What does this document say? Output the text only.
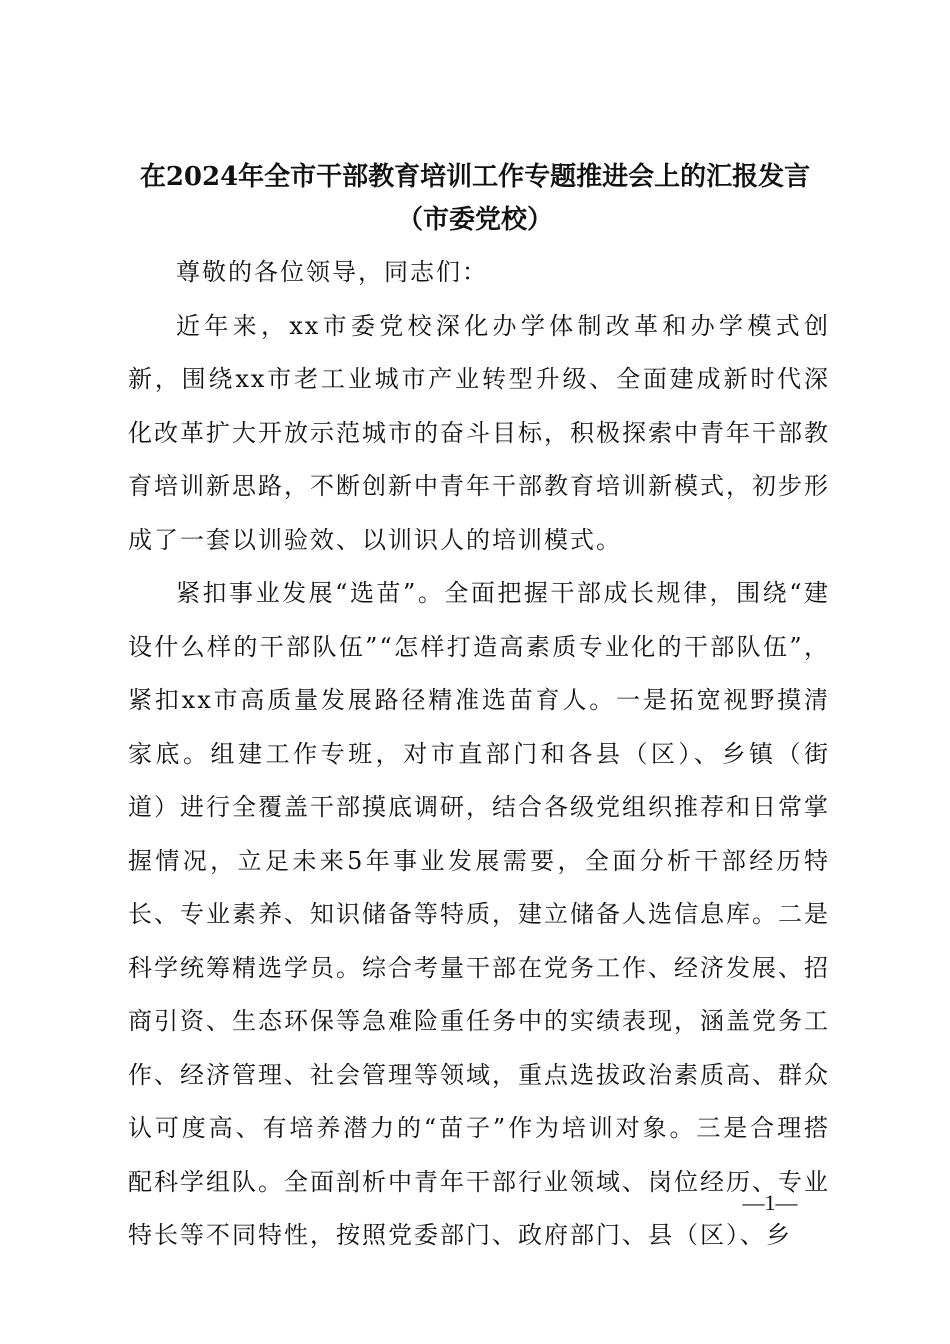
在2024年全市干部教育培训工作专题推进会上的汇报发言（市委党校）

尊敬的各位领导，同志们：

近年来，xx市委党校深化办学体制改革和办学模式创新，围绕xx市老工业城市产业转型升级、全面建成新时代深化改革扩大开放示范城市的奋斗目标，积极探索中青年干部教育培训新思路，不断创新中青年干部教育培训新模式，初步形成了一套以训验效、以训识人的培训模式。

紧扣事业发展“选苗”。全面把握干部成长规律，围绕“建设什么样的干部队伍”“怎样打造高素质专业化的干部队伍”，紧扣xx市高质量发展路径精准选苗育人。一是拓宽视野摸清家底。组建工作专班，对市直部门和各县（区）、乡镇（街道）进行全覆盖干部摸底调研，结合各级党组织推荐和日常掌握情况，立足未来5年事业发展需要，全面分析干部经历特长、专业素养、知识储备等特质，建立储备人选信息库。二是科学统筹精选学员。综合考量干部在党务工作、经济发展、招商引资、生态环保等急难险重任务中的实绩表现，涵盖党务工作、经济管理、社会管理等领域，重点选拔政治素质高、群众认可度高、有培养潜力的“苗子”作为培训对象。三是合理搭配科学组队。全面剖析中青年干部行业领域、岗位经历、专业特长等不同特性，按照党委部门、政府部门、县（区）、乡

—1—
